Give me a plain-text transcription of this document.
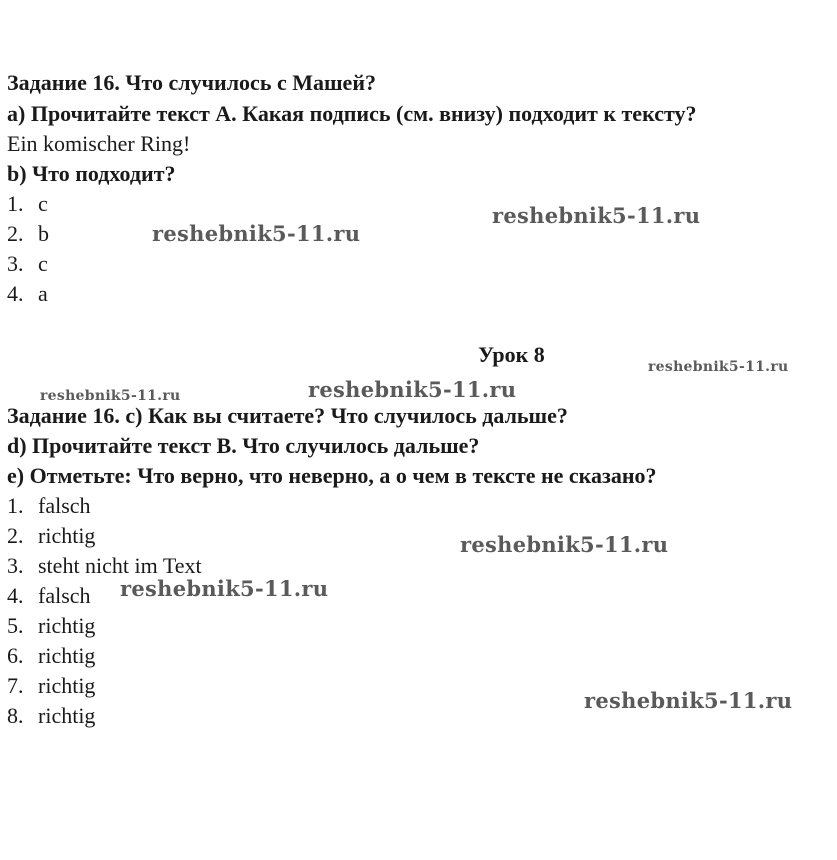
Задание 16. Что случилось с Машей?
а) Прочитайте текст А. Какая подпись (см. внизу) подходит к тексту?
Ein komischer Ring!
b) Что подходит?
1. c
2. b
3. c
4. a
Урок 8
Задание 16. c) Как вы считаете? Что случилось дальше?
d) Прочитайте текст В. Что случилось дальше?
e) Отметьте: Что верно, что неверно, а о чем в тексте не сказано?
1. falsch
2. richtig
3. steht nicht im Text
4. falsch
5. richtig
6. richtig
7. richtig
8. richtig
reshebnik5-11.ru
reshebnik5-11.ru
reshebnik5-11.ru
reshebnik5-11.ru	reshebnik5-11.ru
reshebnik5-11.ru
reshebnik5-11.ru
reshebnik5-11.ru
